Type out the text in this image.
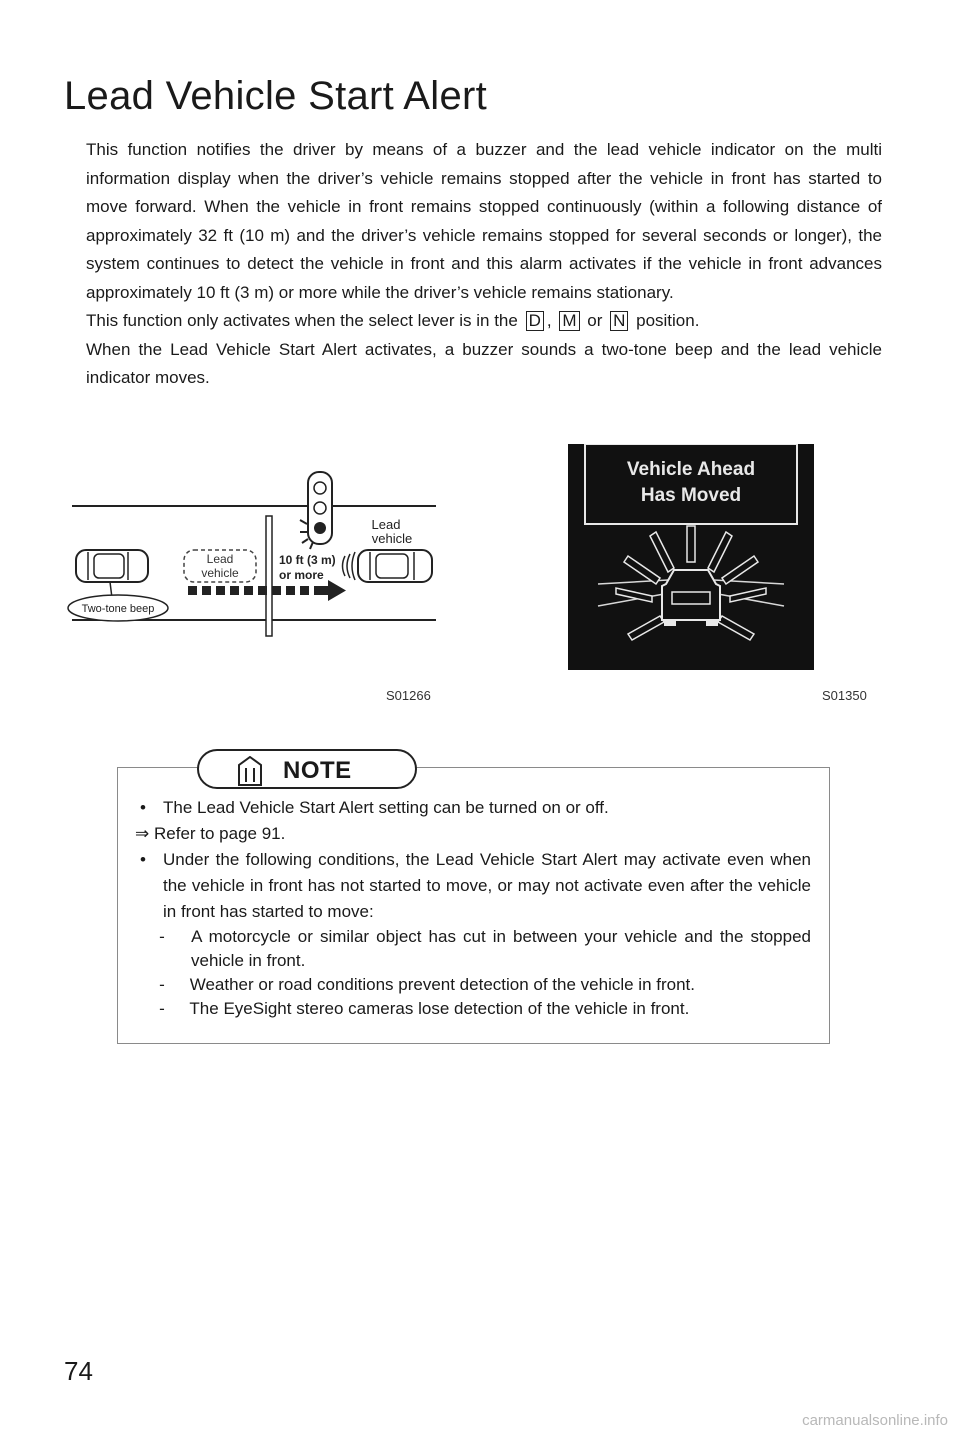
Lead Vehicle Start Alert

This function notifies the driver by means of a buzzer and the lead vehicle indicator on the multi information display when the driver’s vehicle remains stopped after the vehicle in front has started to move forward. When the vehicle in front remains stopped continuously (within a following distance of approximately 32 ft (10 m) and the driver’s vehicle remains stopped for several seconds or longer), the system continues to detect the vehicle in front and this alarm activates if the vehicle in front advances approximately 10 ft (3 m) or more while the driver’s vehicle remains stationary.

This function only activates when the select lever is in the D , M or N position.

When the Lead Vehicle Start Alert activates, a buzzer sounds a two-tone beep and the lead vehicle indicator moves.

Lead
vehicle
Lead
vehicle
10 ft (3 m)
or more
Two-tone beep
S01266
Vehicle Ahead
Has Moved
S01350
NOTE

• The Lead Vehicle Start Alert setting can be turned on or off.

⇒ Refer to page 91.

• Under the following conditions, the Lead Vehicle Start Alert may activate even when the vehicle in front has not started to move, or may not activate even after the vehicle in front has started to move:

- A motorcycle or similar object has cut in between your vehicle and the stopped vehicle in front.

- Weather or road conditions prevent detection of the vehicle in front.

- The EyeSight stereo cameras lose detection of the vehicle in front.

74
carmanualsonline.info
